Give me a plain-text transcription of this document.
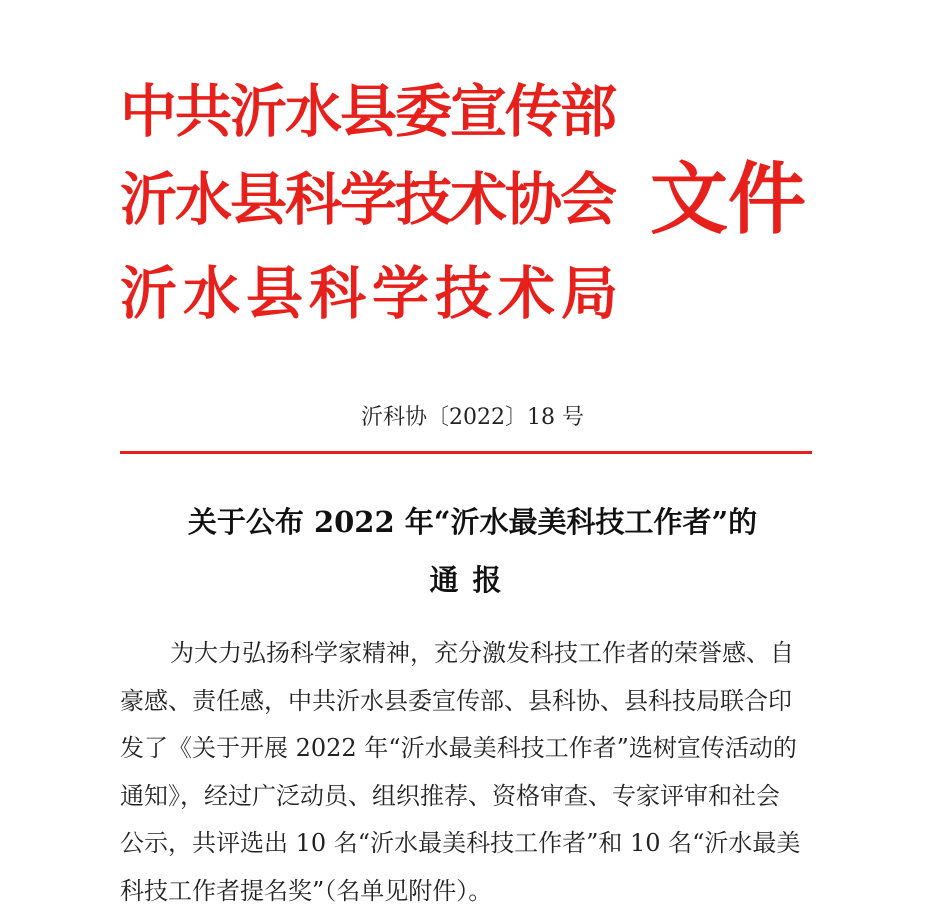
中共沂水县委宣传部
沂水县科学技术协会
沂水县科学技术局
文件
沂科协〔2022〕18 号
关于公布 2022 年“沂水最美科技工作者”的
通报
为大力弘扬科学家精神，充分激发科技工作者的荣誉感、自
豪感、责任感，中共沂水县委宣传部、县科协、县科技局联合印
发了《关于开展 2022 年“沂水最美科技工作者”选树宣传活动的
通知》，经过广泛动员、组织推荐、资格审查、专家评审和社会
公示，共评选出 10 名“沂水最美科技工作者”和 10 名“沂水最美
科技工作者提名奖”（名单见附件）。
